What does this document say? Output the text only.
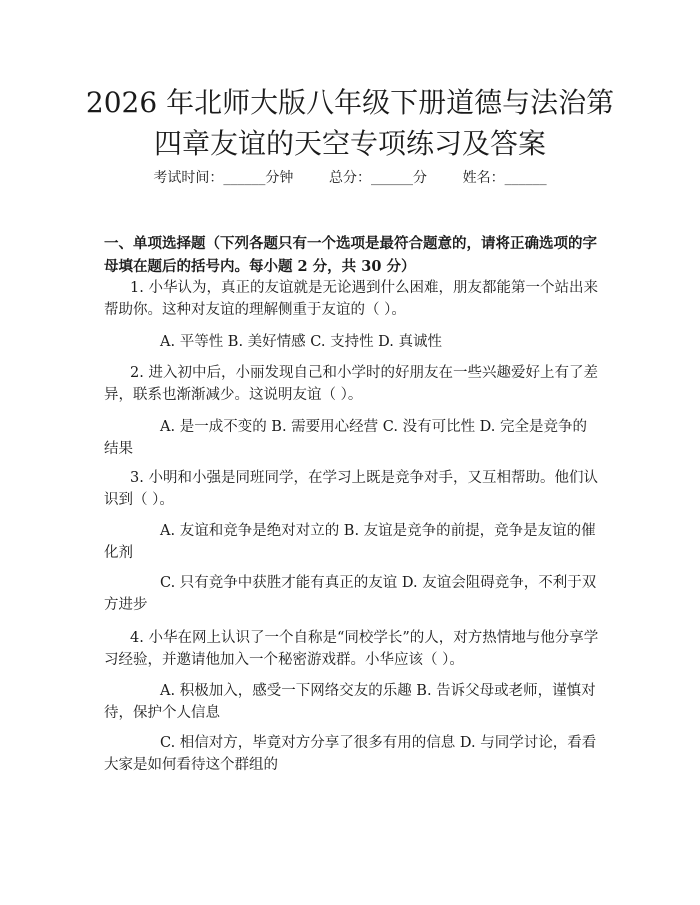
2026 年北师大版八年级下册道德与法治第四章友谊的天空专项练习及答案
考试时间：______分钟        总分：______分        姓名：______
一、单项选择题（下列各题只有一个选项是最符合题意的，请将正确选项的字母填在题后的括号内。每小题 2 分，共 30 分）
1. 小华认为，真正的友谊就是无论遇到什么困难，朋友都能第一个站出来帮助你。这种对友谊的理解侧重于友谊的（ ）。
A. 平等性 B. 美好情感 C. 支持性 D. 真诚性
2. 进入初中后，小丽发现自己和小学时的好朋友在一些兴趣爱好上有了差异，联系也渐渐减少。这说明友谊（ ）。
A. 是一成不变的 B. 需要用心经营 C. 没有可比性 D. 完全是竞争的结果
3. 小明和小强是同班同学，在学习上既是竞争对手，又互相帮助。他们认识到（ ）。
A. 友谊和竞争是绝对对立的 B. 友谊是竞争的前提，竞争是友谊的催化剂
C. 只有竞争中获胜才能有真正的友谊 D. 友谊会阻碍竞争，不利于双方进步
4. 小华在网上认识了一个自称是“同校学长”的人，对方热情地与他分享学习经验，并邀请他加入一个秘密游戏群。小华应该（ ）。
A. 积极加入，感受一下网络交友的乐趣 B. 告诉父母或老师，谨慎对待，保护个人信息
C. 相信对方，毕竟对方分享了很多有用的信息 D. 与同学讨论，看看大家是如何看待这个群组的
